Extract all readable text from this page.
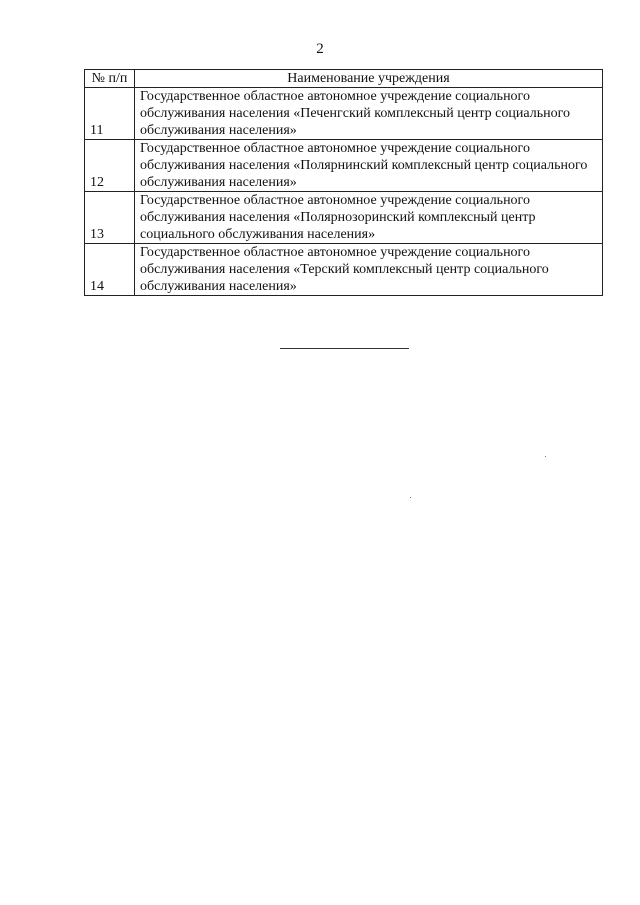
2
№ п/п	Наименование учреждения
11	Государственное областное автономное учреждение социального обслуживания населения «Печенгский комплексный центр социального обслуживания населения»
12	Государственное областное автономное учреждение социального обслуживания населения «Полярнинский комплексный центр социального обслуживания населения»
13	Государственное областное автономное учреждение социального обслуживания населения «Полярнозоринский комплексный центр социального обслуживания населения»
14	Государственное областное автономное учреждение социального обслуживания населения «Терский комплексный центр социального обслуживания населения»
